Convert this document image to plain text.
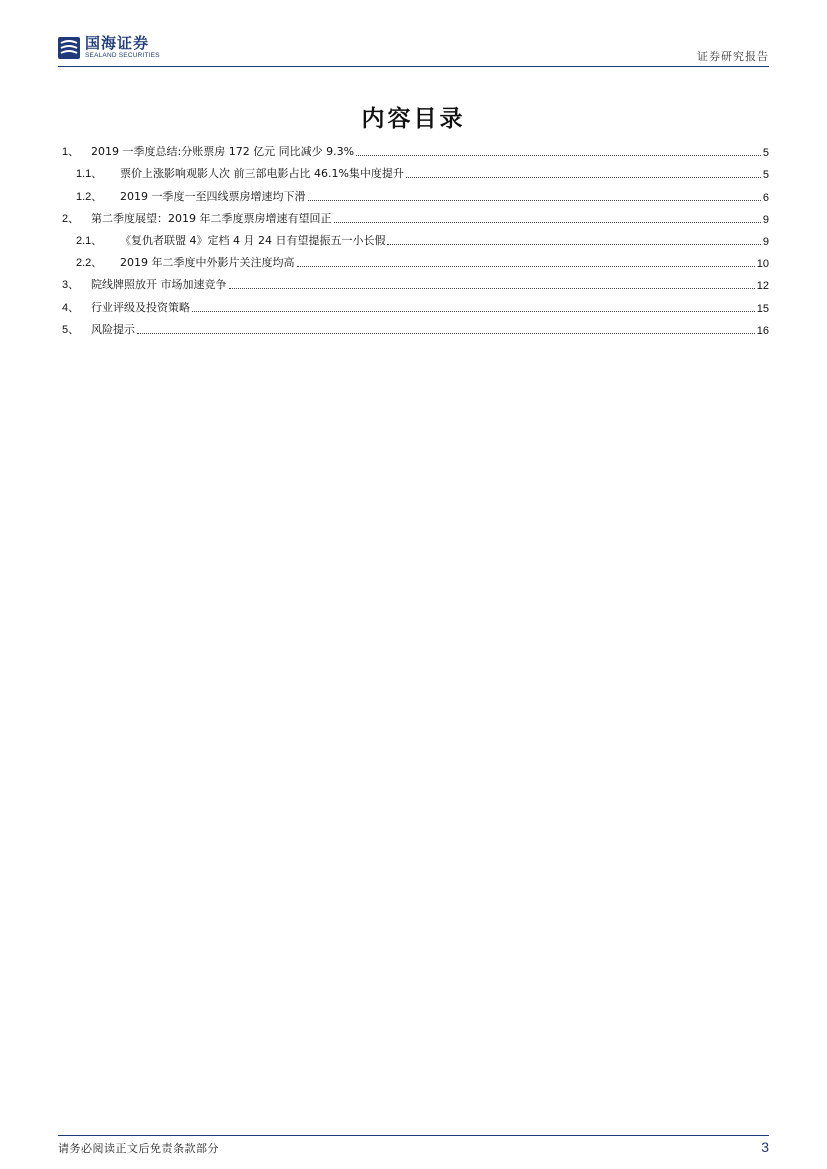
国海证券
SEALAND SECURITIES	证券研究报告
内容目录
1、	2019 一季度总结:分账票房 172 亿元 同比减少 9.3%	5
1.1、	票价上涨影响观影人次 前三部电影占比 46.1%集中度提升	5
1.2、	2019 一季度一至四线票房增速均下滑	6
2、	第二季度展望：2019 年二季度票房增速有望回正	9
2.1、	《复仇者联盟 4》定档 4 月 24 日有望提振五一小长假	9
2.2、	2019 年二季度中外影片关注度均高	10
3、	院线牌照放开 市场加速竞争	12
4、	行业评级及投资策略	15
5、	风险提示	16
请务必阅读正文后免责条款部分	3
